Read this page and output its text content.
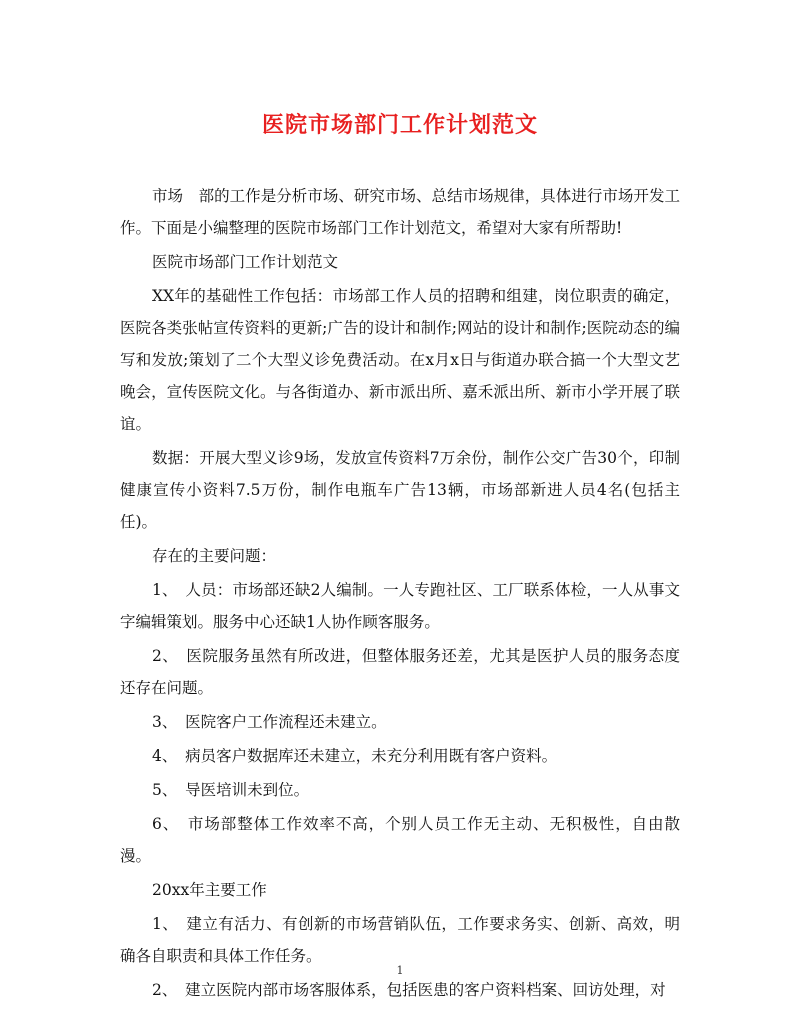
医院市场部门工作计划范文

市场　部的工作是分析市场、研究市场、总结市场规律，具体进行市场开发工作。下面是小编整理的医院市场部门工作计划范文，希望对大家有所帮助!

医院市场部门工作计划范文

XX年的基础性工作包括：市场部工作人员的招聘和组建，岗位职责的确定，医院各类张帖宣传资料的更新;广告的设计和制作;网站的设计和制作;医院动态的编写和发放;策划了二个大型义诊免费活动。在x月x日与街道办联合搞一个大型文艺晚会，宣传医院文化。与各街道办、新市派出所、嘉禾派出所、新市小学开展了联谊。

数据：开展大型义诊9场，发放宣传资料7万余份，制作公交广告30个，印制健康宣传小资料7.5万份，制作电瓶车广告13辆，市场部新进人员4名(包括主任)。

存在的主要问题：

1、　人员：市场部还缺2人编制。一人专跑社区、工厂联系体检，一人从事文字编辑策划。服务中心还缺1人协作顾客服务。

2、　医院服务虽然有所改进，但整体服务还差，尤其是医护人员的服务态度还存在问题。

3、　医院客户工作流程还未建立。

4、　病员客户数据库还未建立，未充分利用既有客户资料。

5、　导医培训未到位。

6、　市场部整体工作效率不高，个别人员工作无主动、无积极性，自由散漫。

20xx年主要工作

1、　建立有活力、有创新的市场营销队伍，工作要求务实、创新、高效，明确各自职责和具体工作任务。

2、　建立医院内部市场客服体系，包括医患的客户资料档案、回访处理，对

1
